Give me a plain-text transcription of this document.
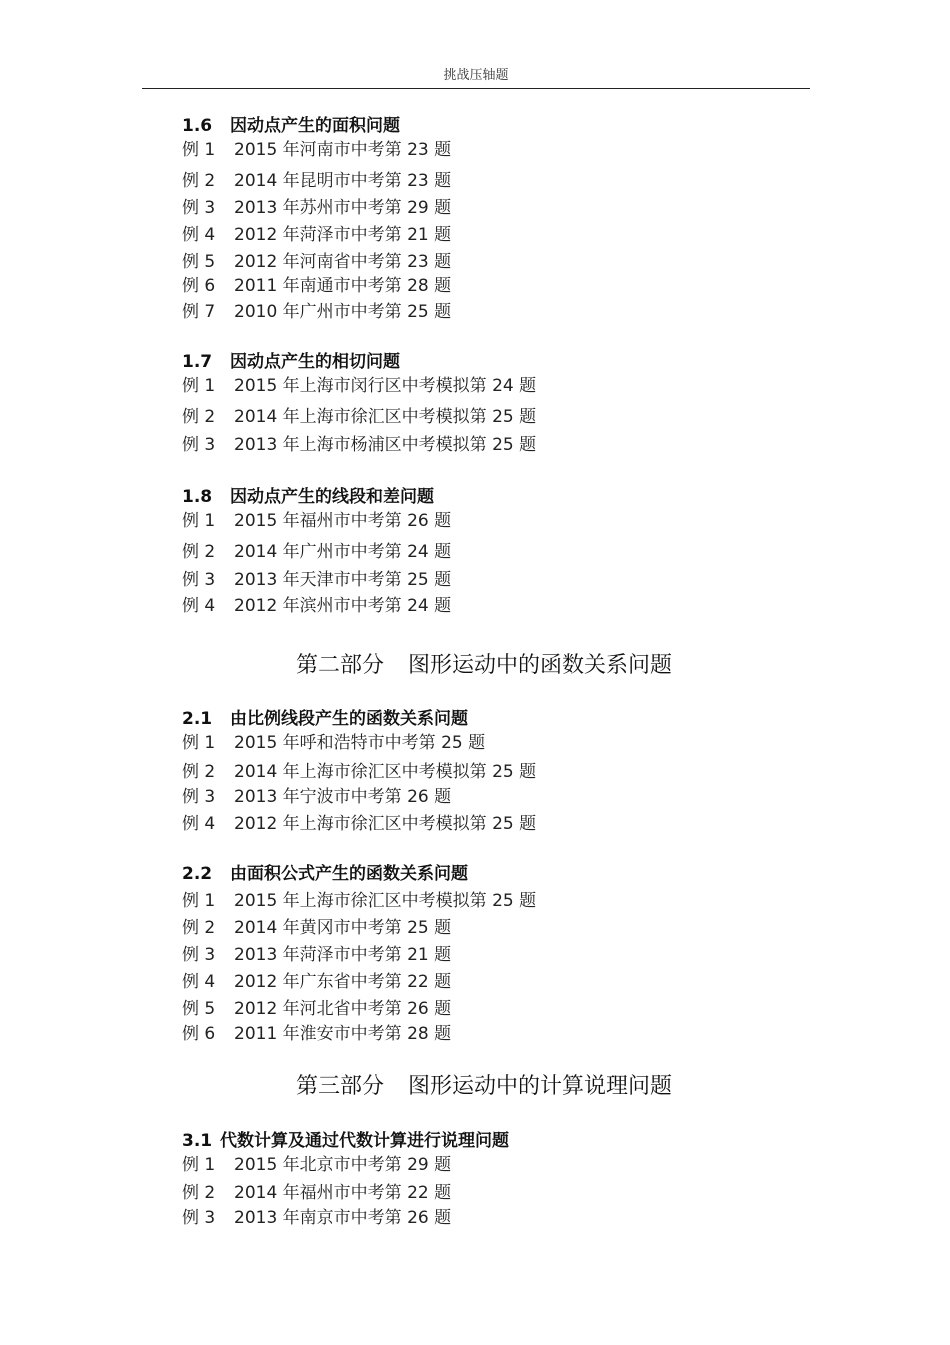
挑战压轴题
1.6 因动点产生的面积问题
例 1 2015 年河南市中考第 23 题
例 2 2014 年昆明市中考第 23 题
例 3 2013 年苏州市中考第 29 题
例 4 2012 年菏泽市中考第 21 题
例 5 2012 年河南省中考第 23 题
例 6 2011 年南通市中考第 28 题
例 7 2010 年广州市中考第 25 题
1.7 因动点产生的相切问题
例 1 2015 年上海市闵行区中考模拟第 24 题
例 2 2014 年上海市徐汇区中考模拟第 25 题
例 3 2013 年上海市杨浦区中考模拟第 25 题
1.8 因动点产生的线段和差问题
例 1 2015 年福州市中考第 26 题
例 2 2014 年广州市中考第 24 题
例 3 2013 年天津市中考第 25 题
例 4 2012 年滨州市中考第 24 题
第二部分 图形运动中的函数关系问题
2.1 由比例线段产生的函数关系问题
例 1 2015 年呼和浩特市中考第 25 题
例 2 2014 年上海市徐汇区中考模拟第 25 题
例 3 2013 年宁波市中考第 26 题
例 4 2012 年上海市徐汇区中考模拟第 25 题
2.2 由面积公式产生的函数关系问题
例 1 2015 年上海市徐汇区中考模拟第 25 题
例 2 2014 年黄冈市中考第 25 题
例 3 2013 年菏泽市中考第 21 题
例 4 2012 年广东省中考第 22 题
例 5 2012 年河北省中考第 26 题
例 6 2011 年淮安市中考第 28 题
第三部分 图形运动中的计算说理问题
3.1 代数计算及通过代数计算进行说理问题
例 1 2015 年北京市中考第 29 题
例 2 2014 年福州市中考第 22 题
例 3 2013 年南京市中考第 26 题
